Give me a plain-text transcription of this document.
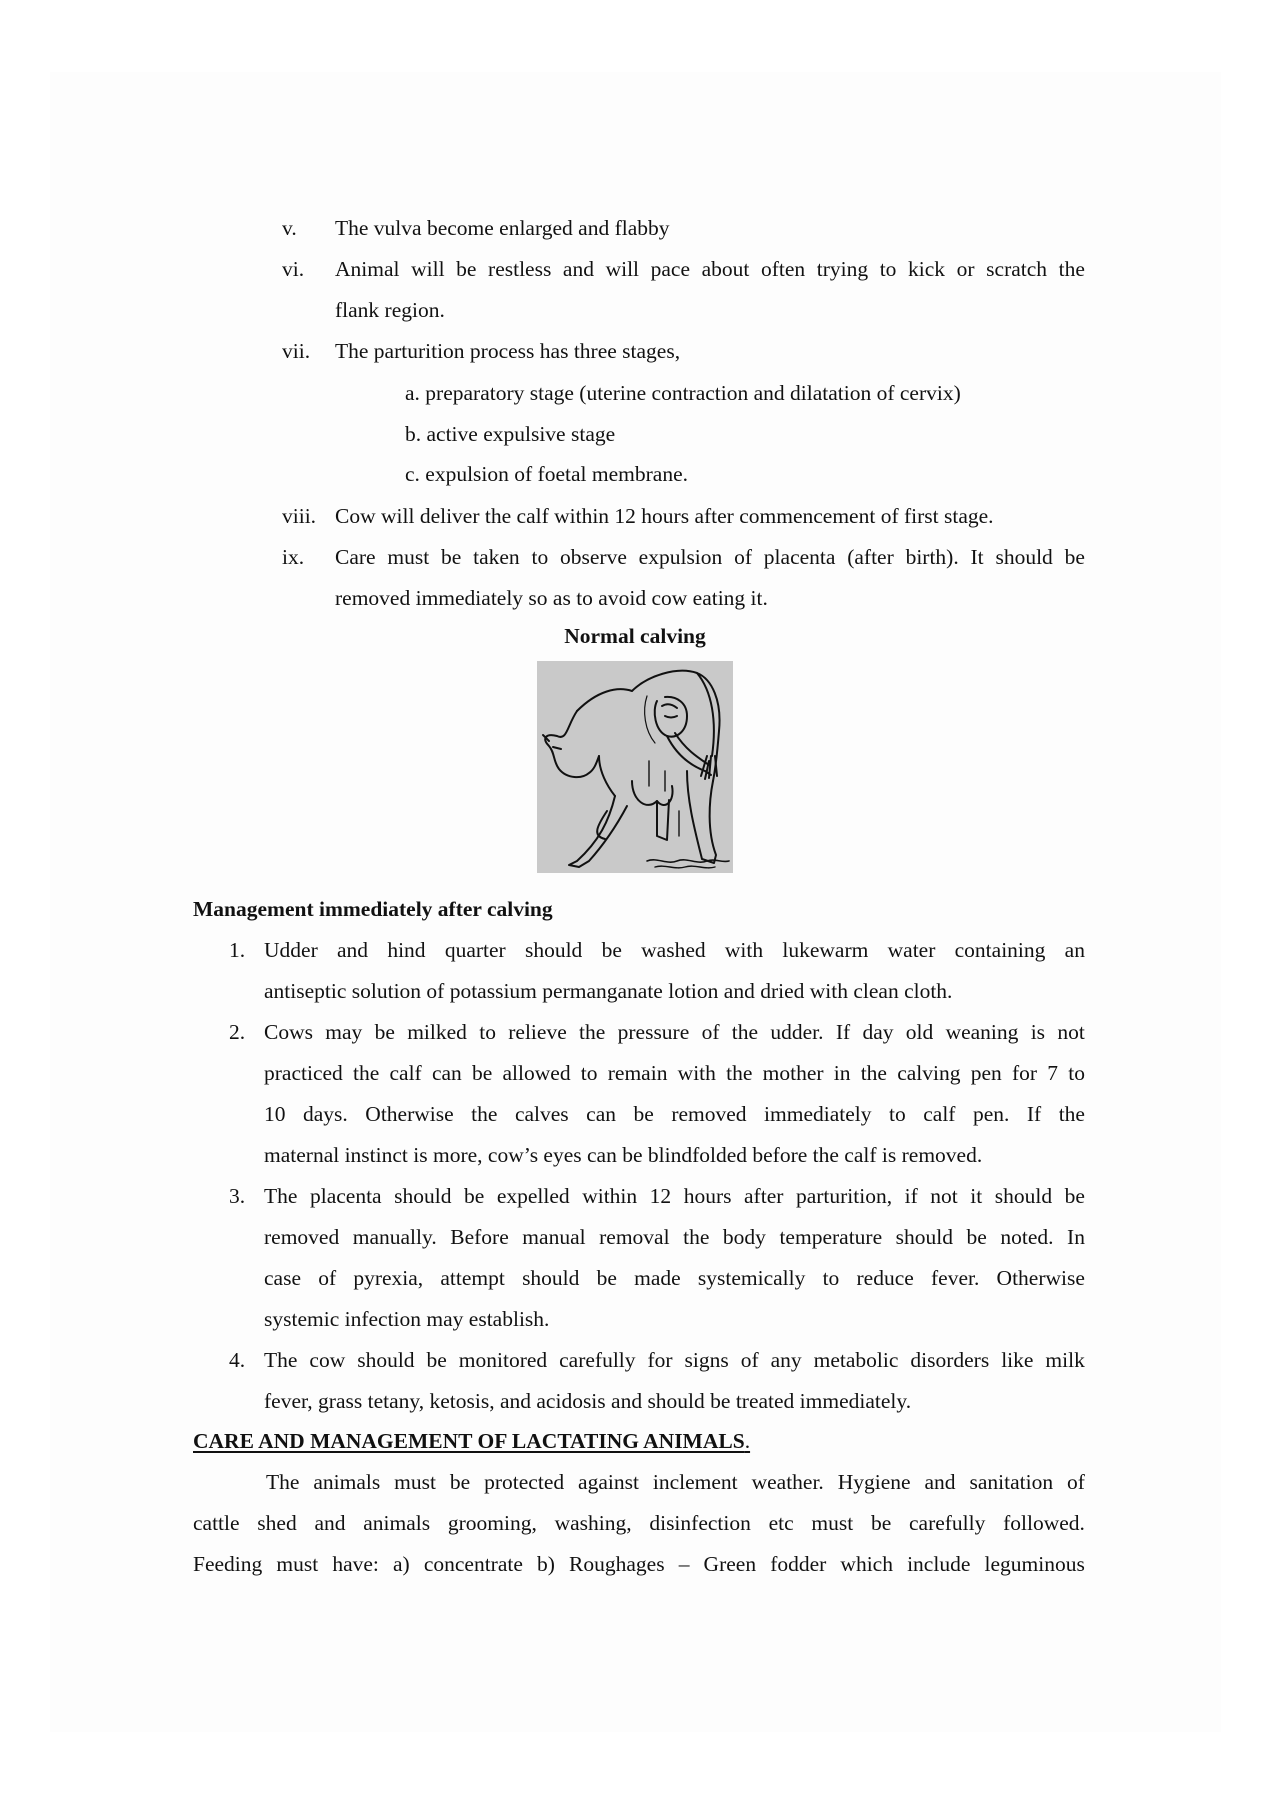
v. The vulva become enlarged and flabby
vi. Animal will be restless and will pace about often trying to kick or scratch the
flank region.
vii. The parturition process has three stages,
a. preparatory stage (uterine contraction and dilatation of cervix)
b. active expulsive stage
c. expulsion of foetal membrane.
viii. Cow will deliver the calf within 12 hours after commencement of first stage.
ix. Care must be taken to observe expulsion of placenta (after birth). It should be
removed immediately so as to avoid cow eating it.
Normal calving
Management immediately after calving
1. Udder and hind quarter should be washed with lukewarm water containing an
antiseptic solution of potassium permanganate lotion and dried with clean cloth.
2. Cows may be milked to relieve the pressure of the udder. If day old weaning is not
practiced the calf can be allowed to remain with the mother in the calving pen for 7 to
10 days. Otherwise the calves can be removed immediately to calf pen. If the
maternal instinct is more, cow’s eyes can be blindfolded before the calf is removed.
3. The placenta should be expelled within 12 hours after parturition, if not it should be
removed manually. Before manual removal the body temperature should be noted. In
case of pyrexia, attempt should be made systemically to reduce fever. Otherwise
systemic infection may establish.
4. The cow should be monitored carefully for signs of any metabolic disorders like milk
fever, grass tetany, ketosis, and acidosis and should be treated immediately.
CARE AND MANAGEMENT OF LACTATING ANIMALS.
The animals must be protected against inclement weather. Hygiene and sanitation of
cattle shed and animals grooming, washing, disinfection etc must be carefully followed.
Feeding must have: a) concentrate b) Roughages – Green fodder which include leguminous
